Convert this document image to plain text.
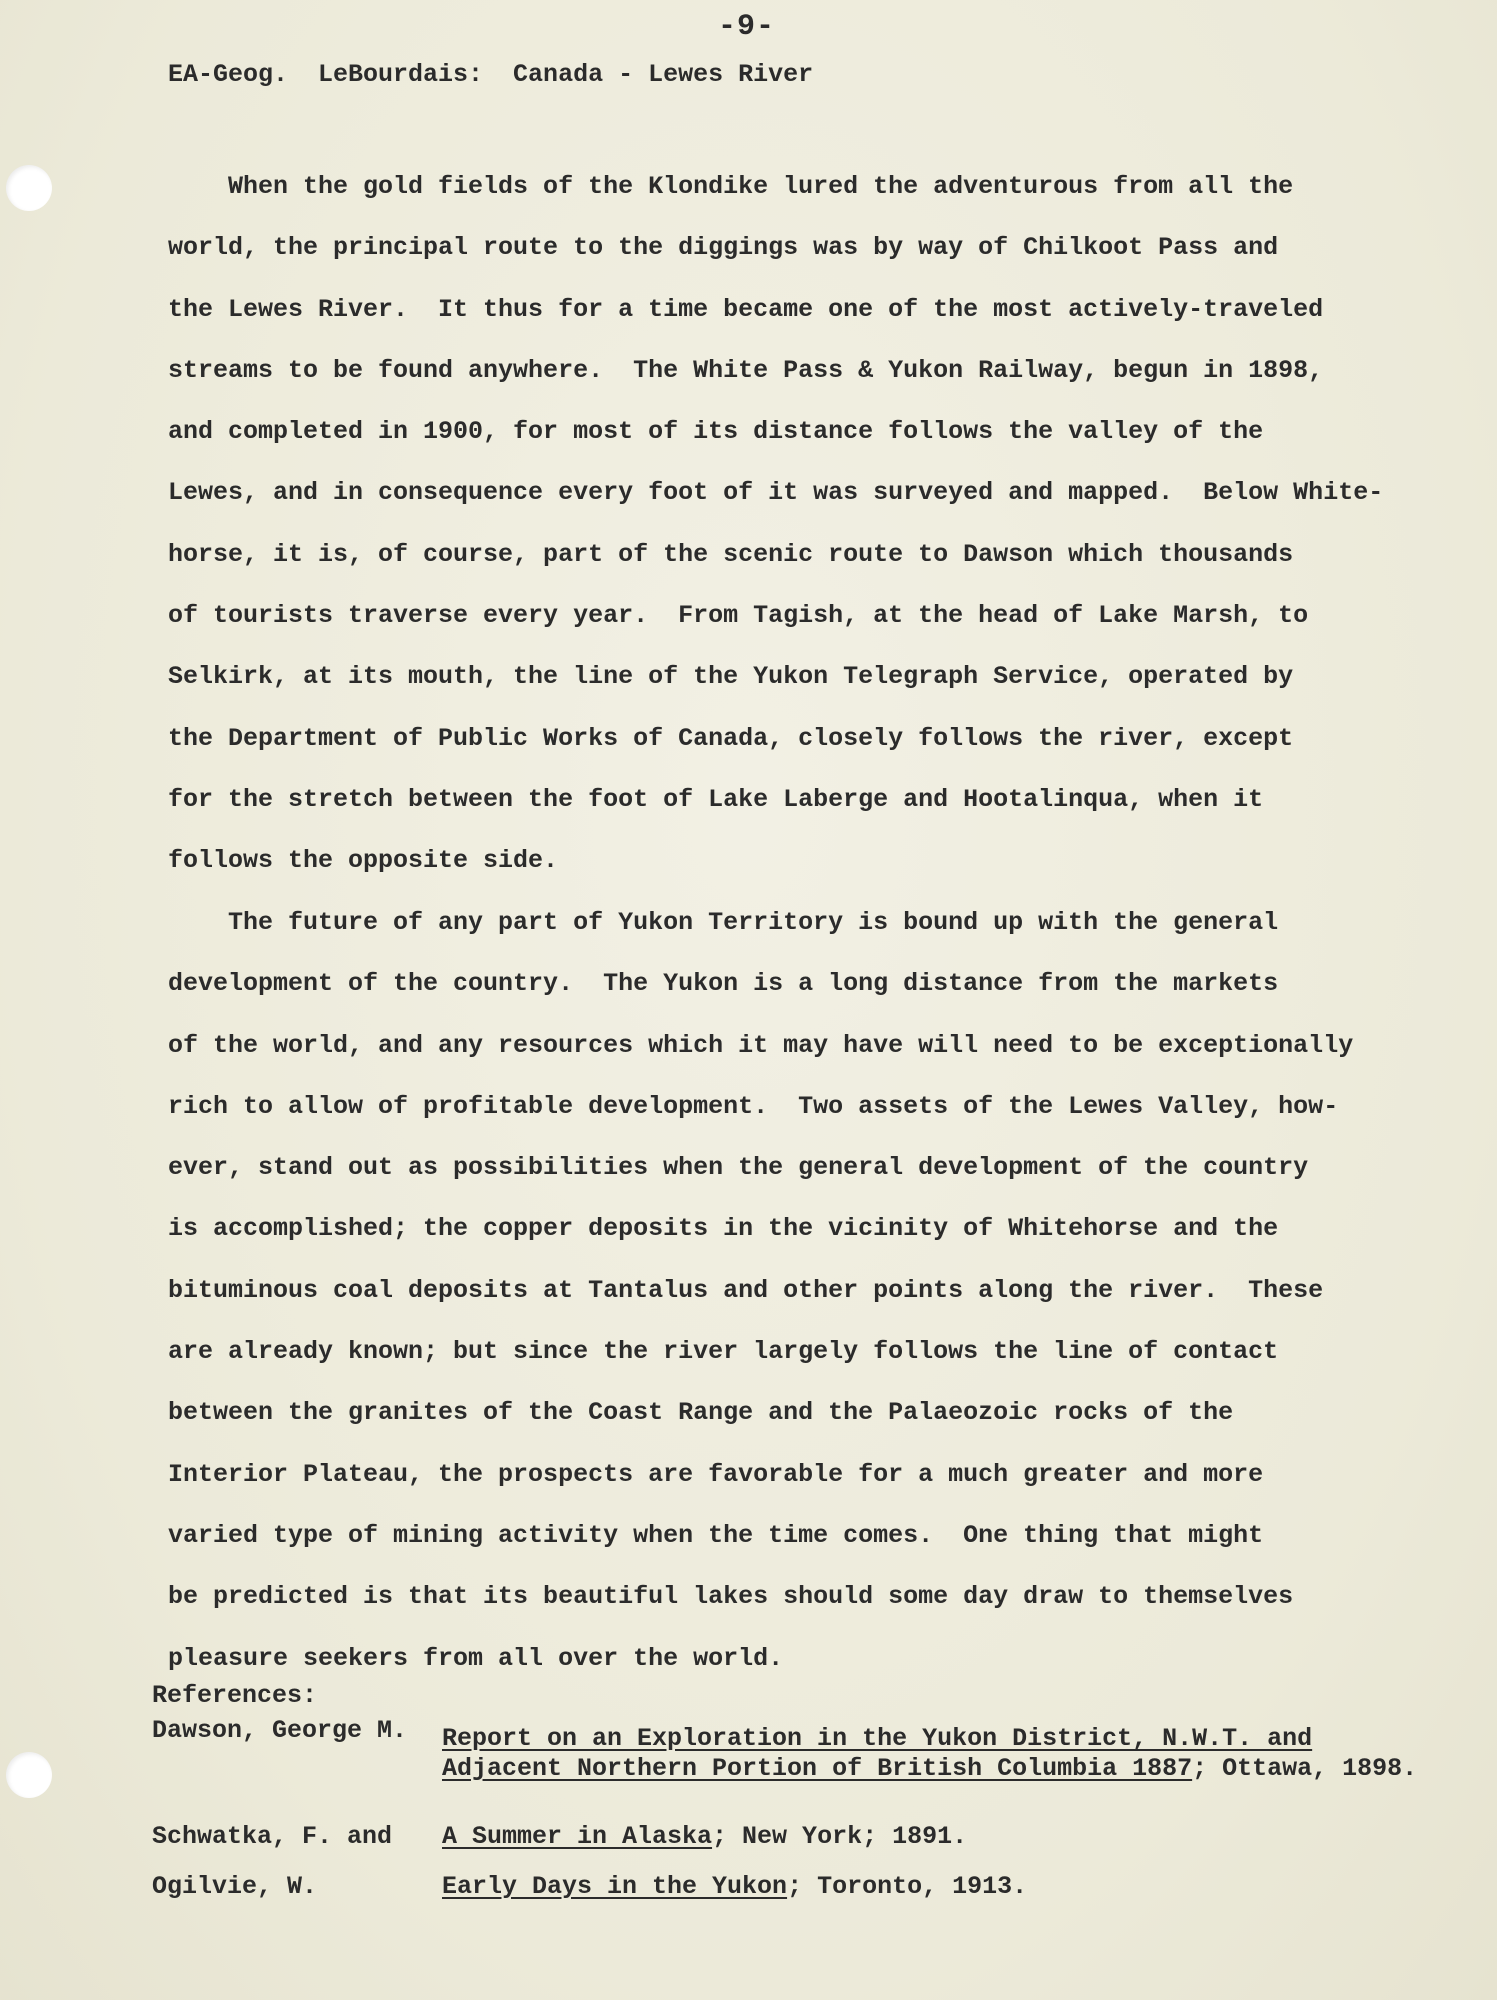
-9-
EA-Geog.  LeBourdais:  Canada - Lewes River
When the gold fields of the Klondike lured the adventurous from all the
world, the principal route to the diggings was by way of Chilkoot Pass and
the Lewes River.  It thus for a time became one of the most actively-traveled
streams to be found anywhere.  The White Pass & Yukon Railway, begun in 1898,
and completed in 1900, for most of its distance follows the valley of the
Lewes, and in consequence every foot of it was surveyed and mapped.  Below White-
horse, it is, of course, part of the scenic route to Dawson which thousands
of tourists traverse every year.  From Tagish, at the head of Lake Marsh, to
Selkirk, at its mouth, the line of the Yukon Telegraph Service, operated by
the Department of Public Works of Canada, closely follows the river, except
for the stretch between the foot of Lake Laberge and Hootalinqua, when it
follows the opposite side.
The future of any part of Yukon Territory is bound up with the general
development of the country.  The Yukon is a long distance from the markets
of the world, and any resources which it may have will need to be exceptionally
rich to allow of profitable development.  Two assets of the Lewes Valley, how-
ever, stand out as possibilities when the general development of the country
is accomplished; the copper deposits in the vicinity of Whitehorse and the
bituminous coal deposits at Tantalus and other points along the river.  These
are already known; but since the river largely follows the line of contact
between the granites of the Coast Range and the Palaeozoic rocks of the
Interior Plateau, the prospects are favorable for a much greater and more
varied type of mining activity when the time comes.  One thing that might
be predicted is that its beautiful lakes should some day draw to themselves
pleasure seekers from all over the world.
References:
Dawson, George M. Report on an Exploration in the Yukon District, N.W.T. and
Adjacent Northern Portion of British Columbia 1887; Ottawa, 1898.
Schwatka, F. and A Summer in Alaska; New York; 1891.
Ogilvie, W.	Early Days in the Yukon; Toronto, 1913.
